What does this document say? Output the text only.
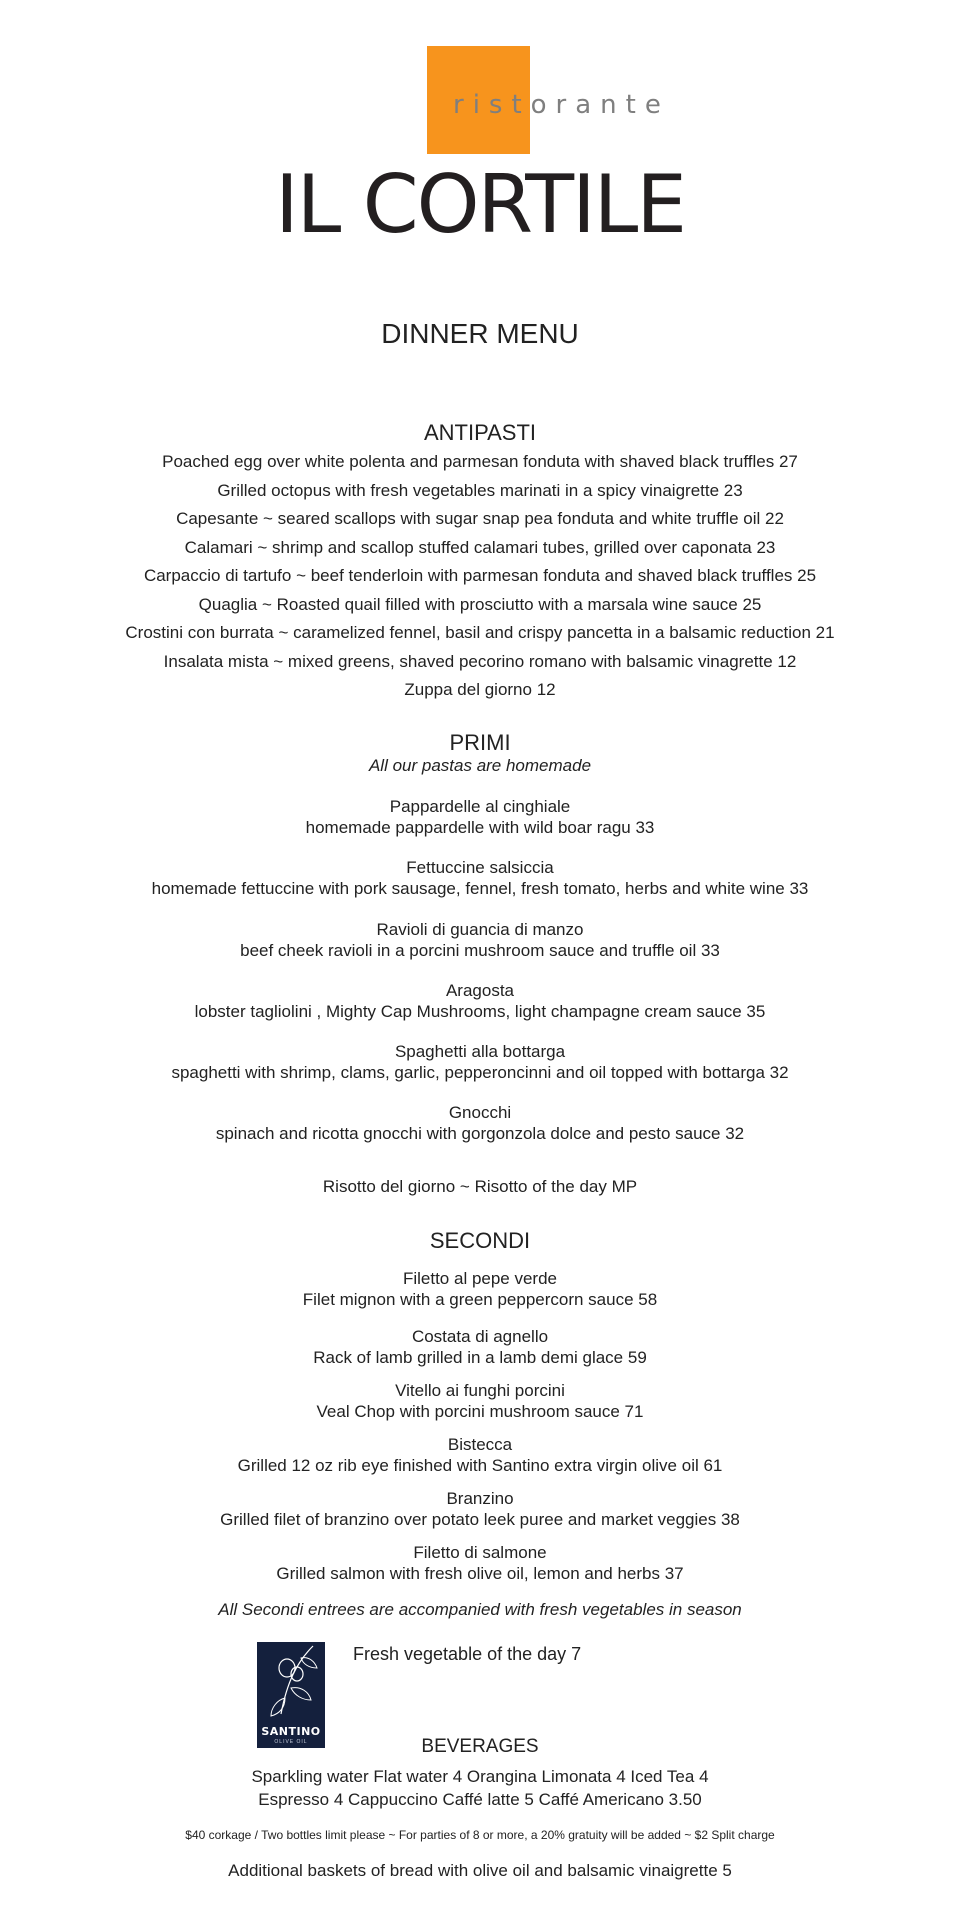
ristorante
IL CORTILE
DINNER MENU
ANTIPASTI
Poached egg over white polenta and parmesan fonduta with shaved black truffles 27
Grilled octopus with fresh vegetables marinati in a spicy vinaigrette 23
Capesante ~ seared scallops with sugar snap pea fonduta and white truffle oil 22
Calamari ~ shrimp and scallop stuffed calamari tubes, grilled over caponata 23
Carpaccio di tartufo ~ beef tenderloin with parmesan fonduta and shaved black truffles 25
Quaglia ~ Roasted quail filled with prosciutto with a marsala wine sauce 25
Crostini con burrata ~ caramelized fennel, basil and crispy pancetta in a balsamic reduction 21
Insalata mista ~ mixed greens, shaved pecorino romano with balsamic vinagrette 12
Zuppa del giorno 12
PRIMI
All our pastas are homemade
Pappardelle al cinghiale
homemade pappardelle with wild boar ragu 33
Fettuccine salsiccia
homemade fettuccine with pork sausage, fennel, fresh tomato, herbs and white wine 33
Ravioli di guancia di manzo
beef cheek ravioli in a porcini mushroom sauce and truffle oil 33
Aragosta
lobster tagliolini , Mighty Cap Mushrooms, light champagne cream sauce 35
Spaghetti alla bottarga
spaghetti with shrimp, clams, garlic, pepperoncinni and oil topped with bottarga 32
Gnocchi
spinach and ricotta gnocchi with gorgonzola dolce and pesto sauce 32
Risotto del giorno ~ Risotto of the day MP
SECONDI
Filetto al pepe verde
Filet mignon with a green peppercorn sauce 58
Costata di agnello
Rack of lamb grilled in a lamb demi glace 59
Vitello ai funghi porcini
Veal Chop with porcini mushroom sauce 71
Bistecca
Grilled 12 oz rib eye finished with Santino extra virgin olive oil 61
Branzino
Grilled filet of branzino over potato leek puree and market veggies 38
Filetto di salmone
Grilled salmon with fresh olive oil, lemon and herbs 37
All Secondi entrees are accompanied with fresh vegetables in season
SANTINO
OLIVE OIL
Fresh vegetable of the day 7
BEVERAGES
Sparkling water Flat water 4 Orangina Limonata 4 Iced Tea 4
Espresso 4 Cappuccino Caffé latte 5 Caffé Americano 3.50
$40 corkage / Two bottles limit please ~ For parties of 8 or more, a 20% gratuity will be added ~ $2 Split charge
Additional baskets of bread with olive oil and balsamic vinaigrette 5
